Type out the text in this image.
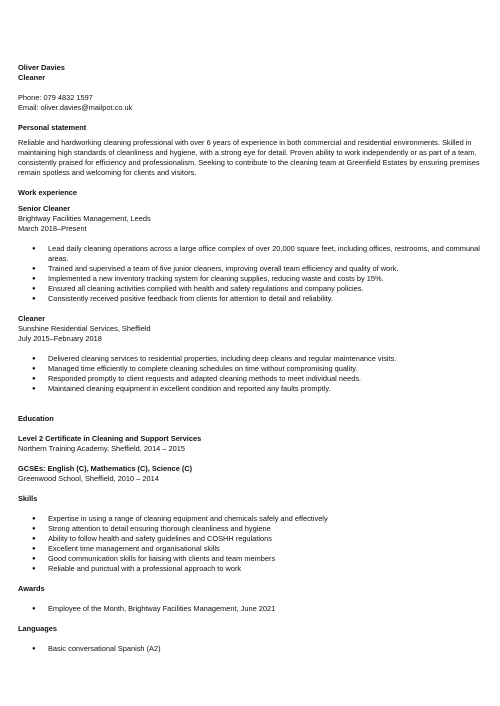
Oliver Davies
Cleaner
Phone: 079 4832 1597
Email: oliver.davies@mailpot.co.uk
Personal statement

Reliable and hardworking cleaning professional with over 6 years of experience in both commercial and residential environments. Skilled in maintaining high standards of cleanliness and hygiene, with a strong eye for detail. Proven ability to work independently or as part of a team, consistently praised for efficiency and professionalism. Seeking to contribute to the cleaning team at Greenfield Estates by ensuring premises remain spotless and welcoming for clients and visitors.

Work experience
Senior Cleaner
Brightway Facilities Management, Leeds
March 2018–Present
● Lead daily cleaning operations across a large office complex of over 20,000 square feet, including offices, restrooms, and communal areas.
● Trained and supervised a team of five junior cleaners, improving overall team efficiency and quality of work.
● Implemented a new inventory tracking system for cleaning supplies, reducing waste and costs by 15%.
● Ensured all cleaning activities complied with health and safety regulations and company policies.
● Consistently received positive feedback from clients for attention to detail and reliability.
Cleaner
Sunshine Residential Services, Sheffield
July 2015–February 2018
● Delivered cleaning services to residential properties, including deep cleans and regular maintenance visits.
● Managed time efficiently to complete cleaning schedules on time without compromising quality.
● Responded promptly to client requests and adapted cleaning methods to meet individual needs.
● Maintained cleaning equipment in excellent condition and reported any faults promptly.
Education
Level 2 Certificate in Cleaning and Support Services
Northern Training Academy, Sheffield, 2014 – 2015
GCSEs: English (C), Mathematics (C), Science (C)
Greenwood School, Sheffield, 2010 – 2014
Skills
● Expertise in using a range of cleaning equipment and chemicals safely and effectively
● Strong attention to detail ensuring thorough cleanliness and hygiene
● Ability to follow health and safety guidelines and COSHH regulations
● Excellent time management and organisational skills
● Good communication skills for liaising with clients and team members
● Reliable and punctual with a professional approach to work
Awards
● Employee of the Month, Brightway Facilities Management, June 2021
Languages
● Basic conversational Spanish (A2)
